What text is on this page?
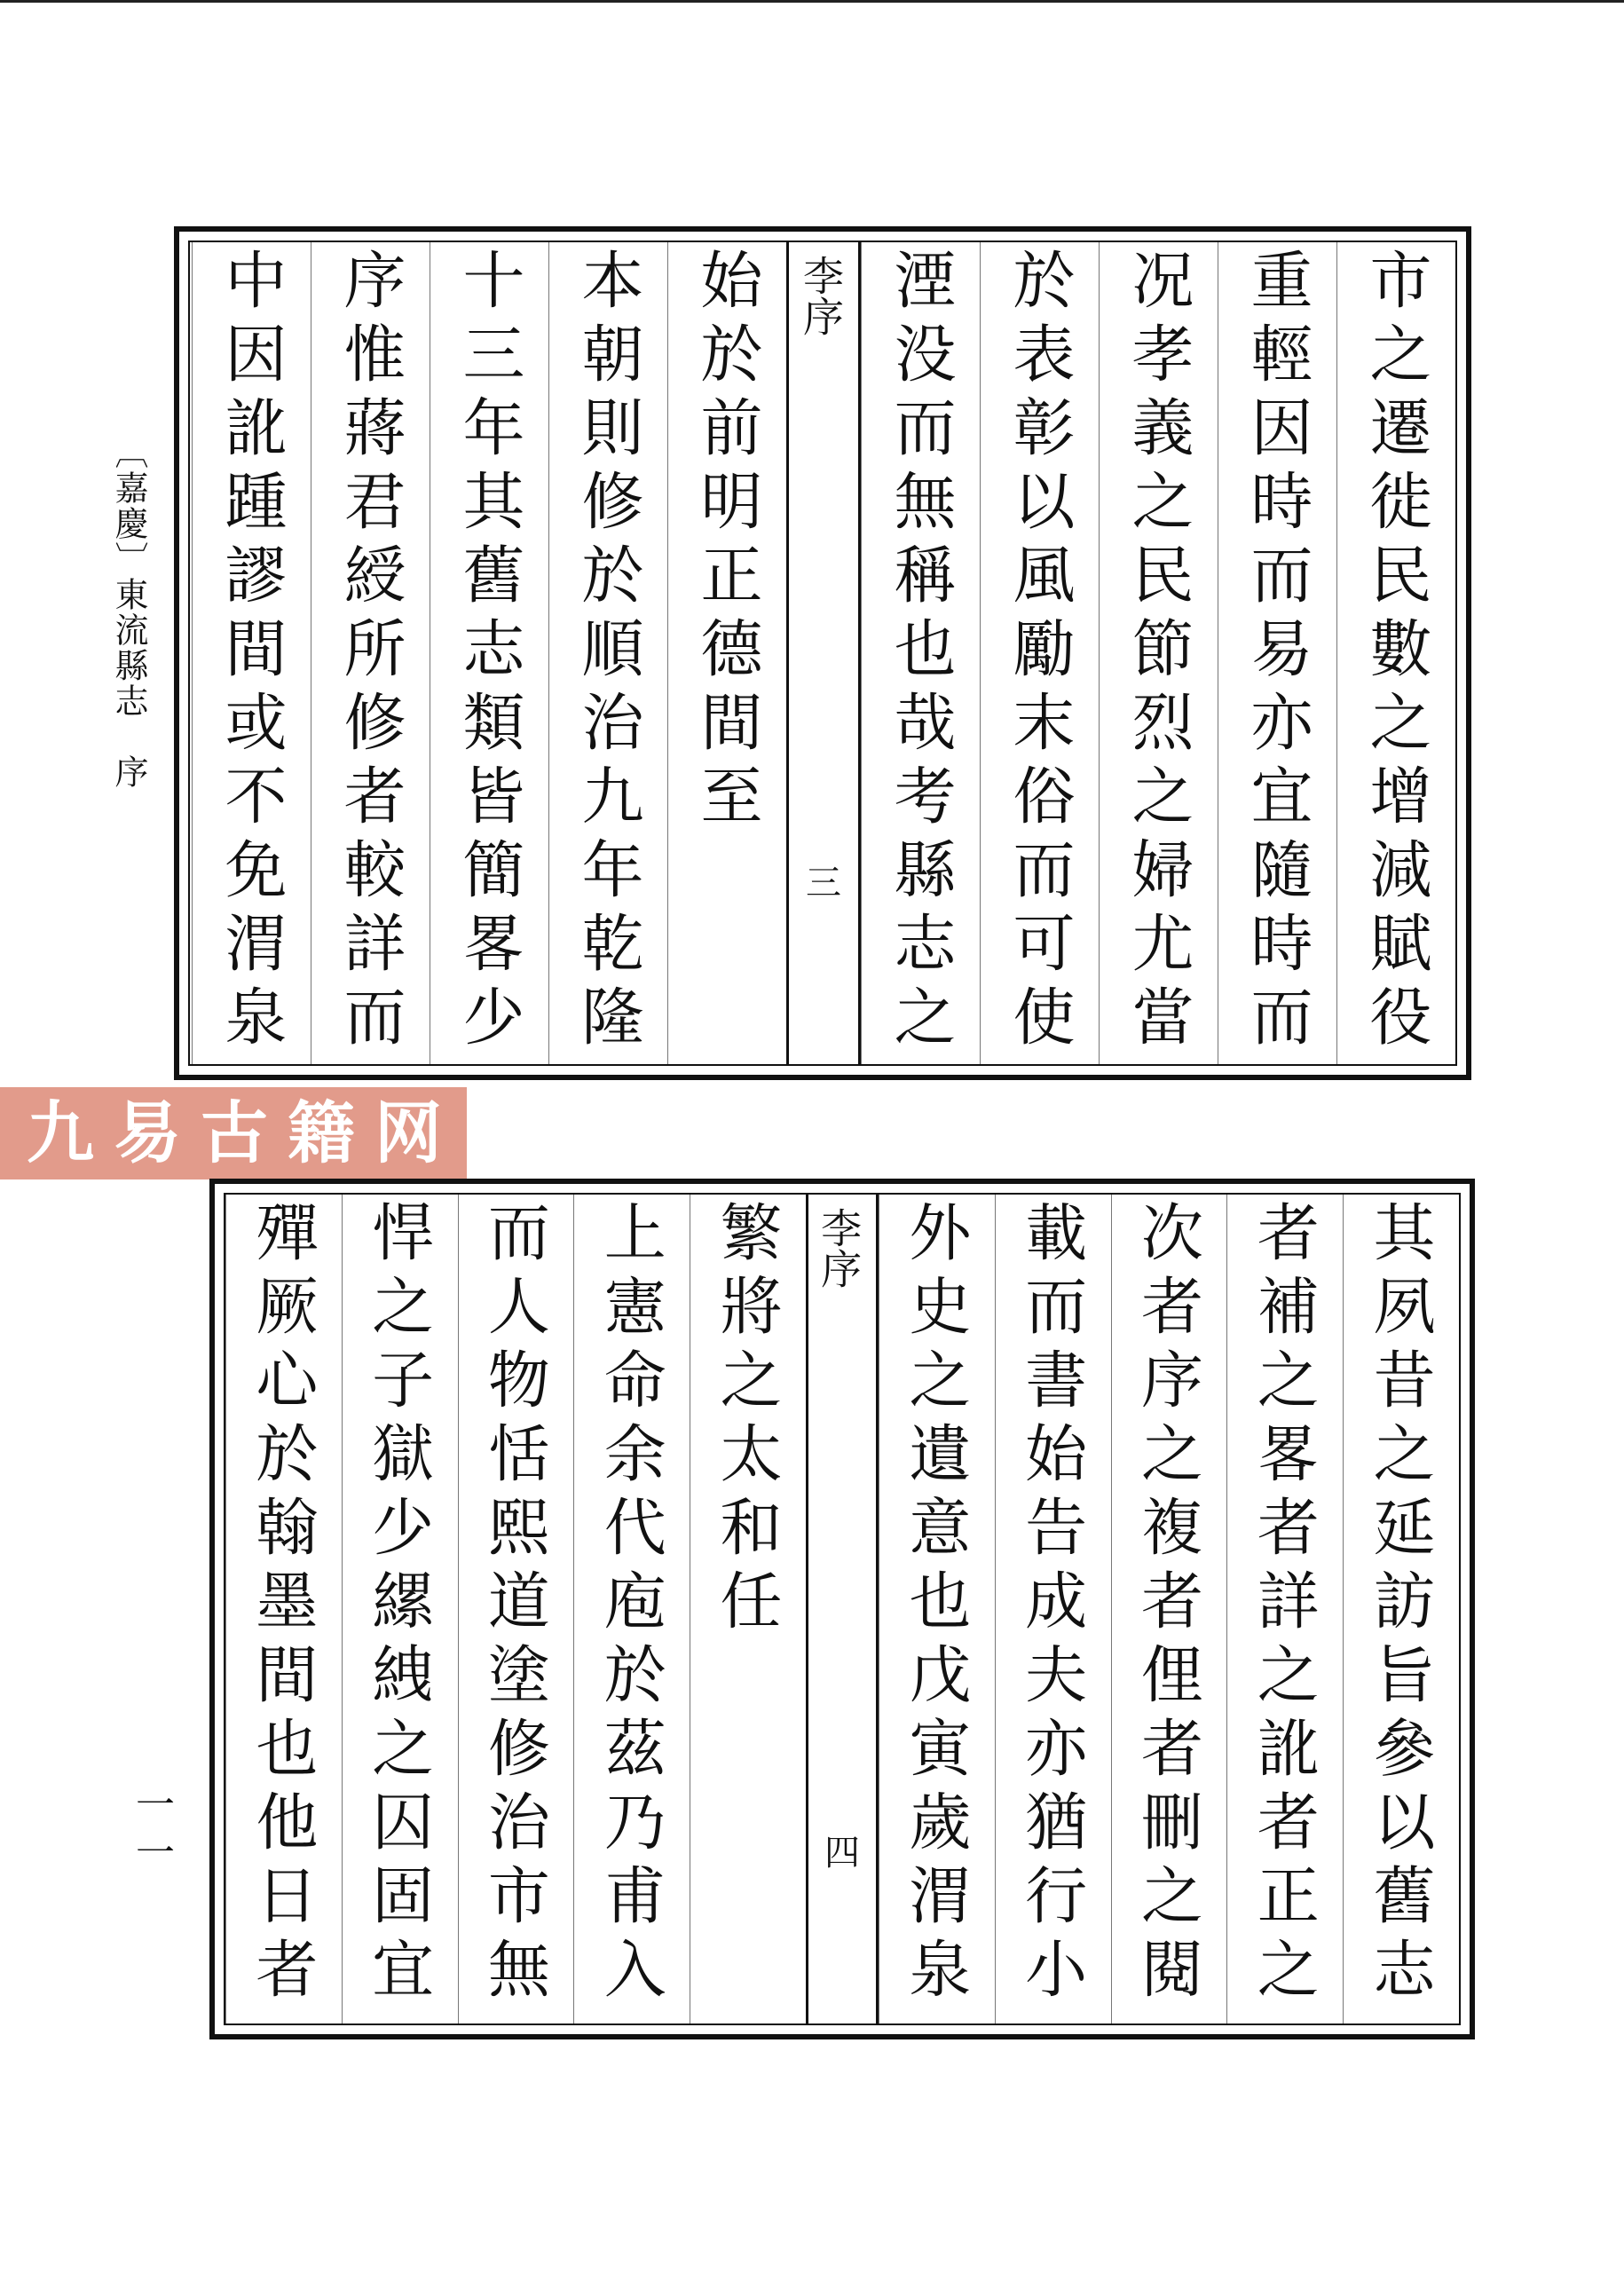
〔嘉慶〕東流縣志　序
一一
市之遷徙民數之增減賦役
重輕因時而易亦宜隨時而
况孝義之民節烈之婦尤當
於表彰以風勵末俗而可使
湮没而無稱也哉考縣志之
李序
三
始於前明正德間至
本朝則修於順治九年乾隆
十三年其舊志類皆簡畧少
序惟蔣君綬所修者較詳而
中因訛踵謬間或不免渭泉
九易古籍网
其夙昔之延訪旨參以舊志
者補之畧者詳之訛者正之
次者序之複者俚者刪之閱
載而書始告成夫亦猶行小
外史之遺意也戊寅歲渭泉
李序
四
繁將之太和任
上憲命余代庖於茲乃甫入
而人物恬熙道塗修治市無
悍之子獄少縲絏之囚固宜
殫厥心於翰墨間也他日者
